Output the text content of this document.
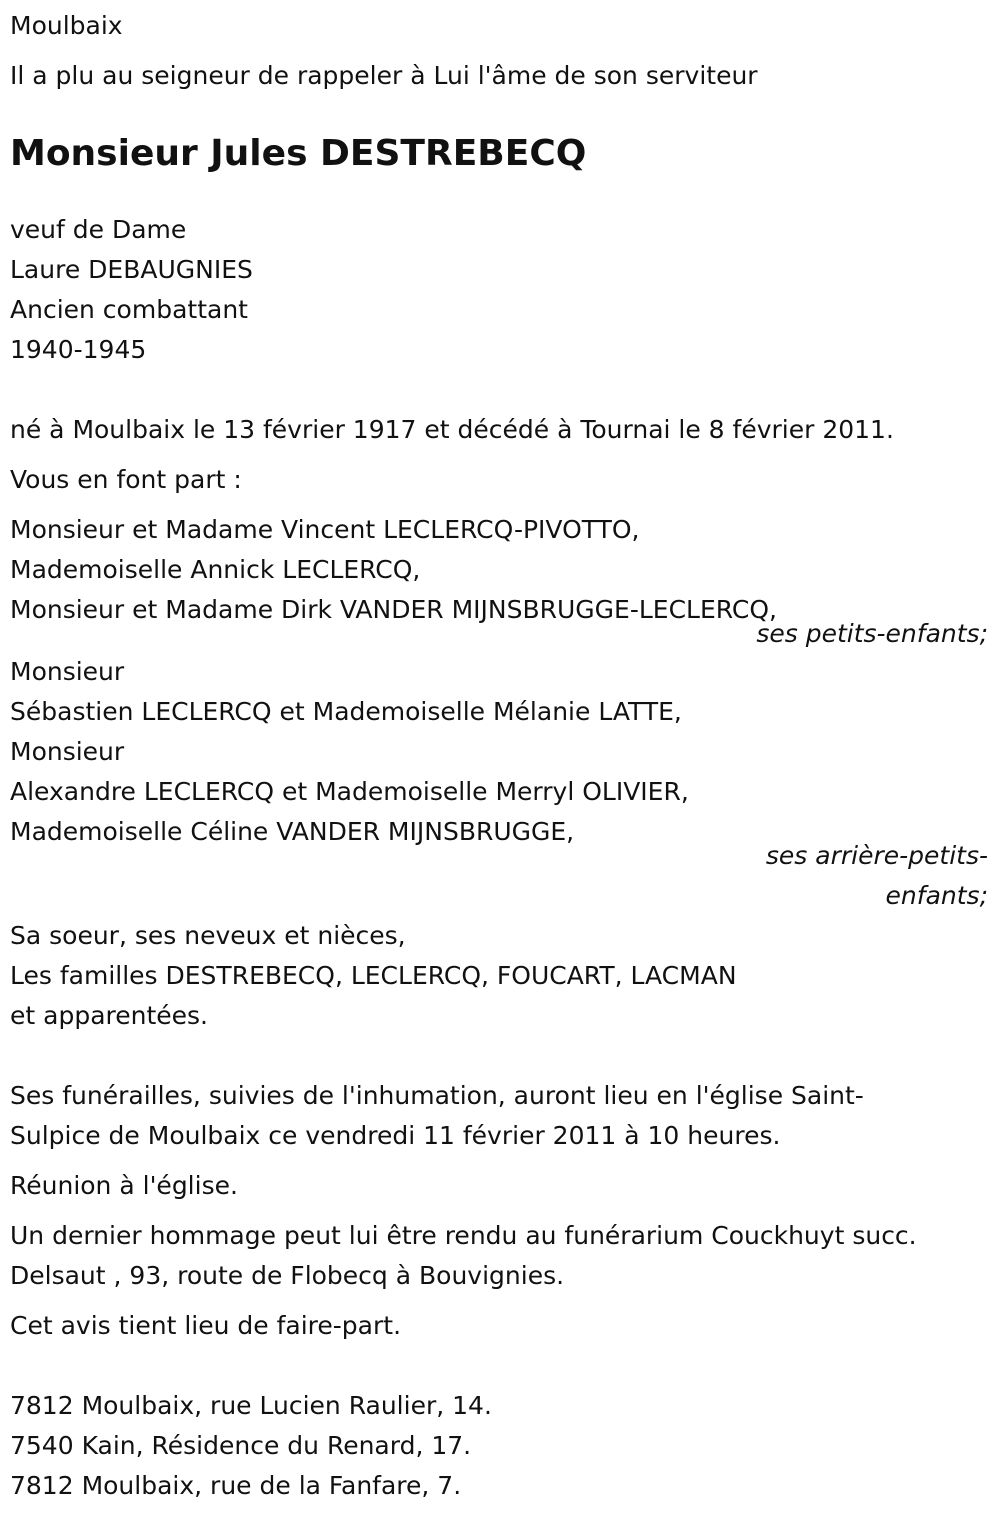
Moulbaix
Il a plu au seigneur de rappeler à Lui l'âme de son serviteur
Monsieur Jules DESTREBECQ
veuf de Dame
Laure DEBAUGNIES
Ancien combattant
1940-1945
né à Moulbaix le 13 février 1917 et décédé à Tournai le 8 février 2011.
Vous en font part :
Monsieur et Madame Vincent LECLERCQ-PIVOTTO,
Mademoiselle Annick LECLERCQ,
Monsieur et Madame Dirk VANDER MIJNSBRUGGE-LECLERCQ,
ses petits-enfants;
Monsieur
Sébastien LECLERCQ et Mademoiselle Mélanie LATTE,
Monsieur
Alexandre LECLERCQ et Mademoiselle Merryl OLIVIER,
Mademoiselle Céline VANDER MIJNSBRUGGE,
ses arrière-petits-
enfants;
Sa soeur, ses neveux et nièces,
Les familles DESTREBECQ, LECLERCQ, FOUCART, LACMAN
et apparentées.
Ses funérailles, suivies de l'inhumation, auront lieu en l'église Saint-
Sulpice de Moulbaix ce vendredi 11 février 2011 à 10 heures.
Réunion à l'église.
Un dernier hommage peut lui être rendu au funérarium Couckhuyt succ.
Delsaut , 93, route de Flobecq à Bouvignies.
Cet avis tient lieu de faire-part.
7812 Moulbaix, rue Lucien Raulier, 14.
7540 Kain, Résidence du Renard, 17.
7812 Moulbaix, rue de la Fanfare, 7.
